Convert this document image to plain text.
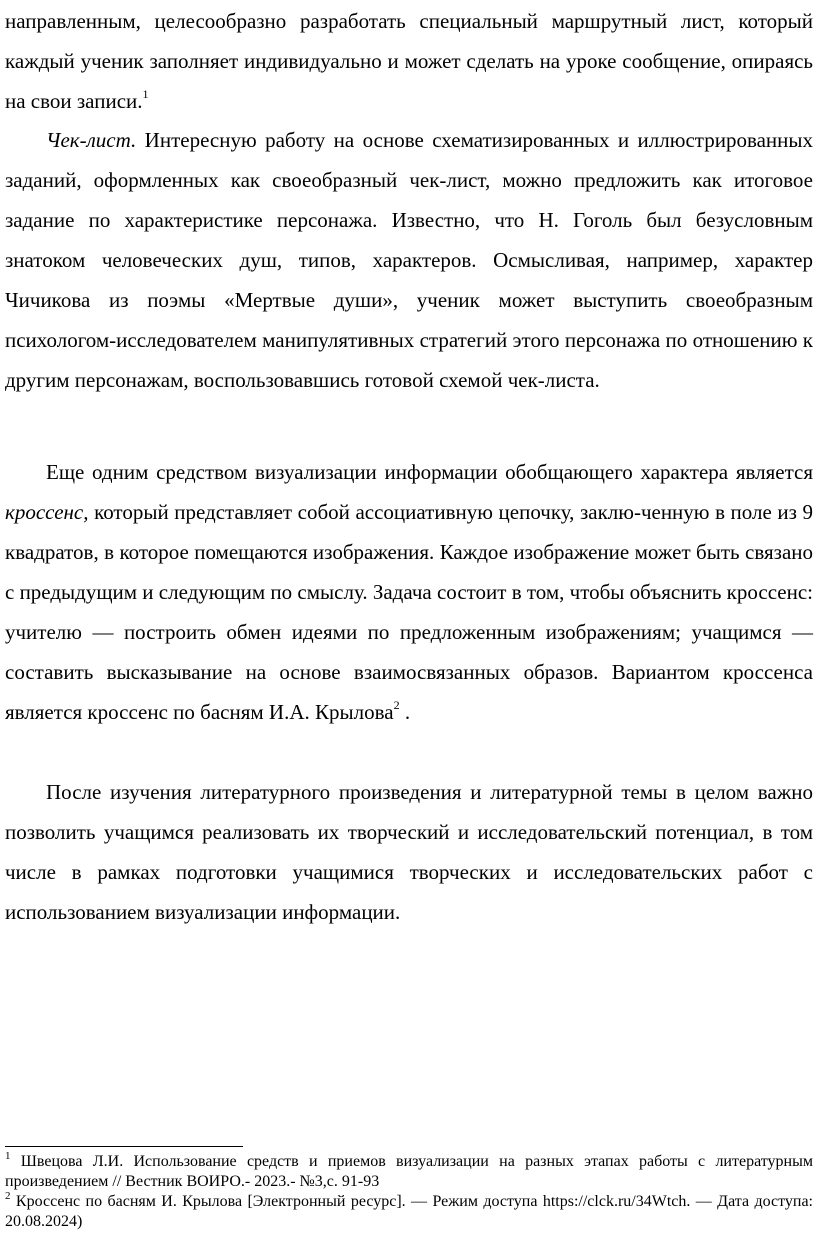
направленным, целесообразно разработать специальный маршрутный лист, который каждый ученик заполняет индивидуально и может сделать на уроке сообщение, опираясь на свои записи.$^1$

Чек-лист. Интересную работу на основе схематизированных и иллюстрированных заданий, оформленных как своеобразный чек-лист, можно предложить как итоговое задание по характеристике персонажа. Известно, что Н. Гоголь был безусловным знатоком человеческих душ, типов, характеров. Осмысливая, например, характер Чичикова из поэмы «Мертвые души», ученик может выступить своеобразным психологом-исследователем манипулятивных стратегий этого персонажа по отношению к другим персонажам, воспользовавшись готовой схемой чек-листа.

Еще одним средством визуализации информации обобщающего характера является кроссенс, который представляет собой ассоциативную цепочку, заклю-ченную в поле из 9 квадратов, в которое помещаются изображения. Каждое изображение может быть связано с предыдущим и следующим по смыслу. Задача состоит в том, чтобы объяснить кроссенс: учителю — построить обмен идеями по предложенным изображениям; учащимся — составить высказывание на основе взаимосвязанных образов. Вариантом кроссенса является кроссенс по басням И.А. Крылова$^2$ .

После изучения литературного произведения и литературной темы в целом важно позволить учащимся реализовать их творческий и исследовательский потенциал, в том числе в рамках подготовки учащимися творческих и исследовательских работ с использованием визуализации информации.

$^1$ Швецова Л.И. Использование средств и приемов визуализации на разных этапах работы с литературным произведением // Вестник ВОИРО.- 2023.- №3,с. 91-93

$^2$ Кроссенс по басням И. Крылова [Электронный ресурс]. — Режим доступа https://clck.ru/34Wtch. — Дата доступа: 20.08.2024)
